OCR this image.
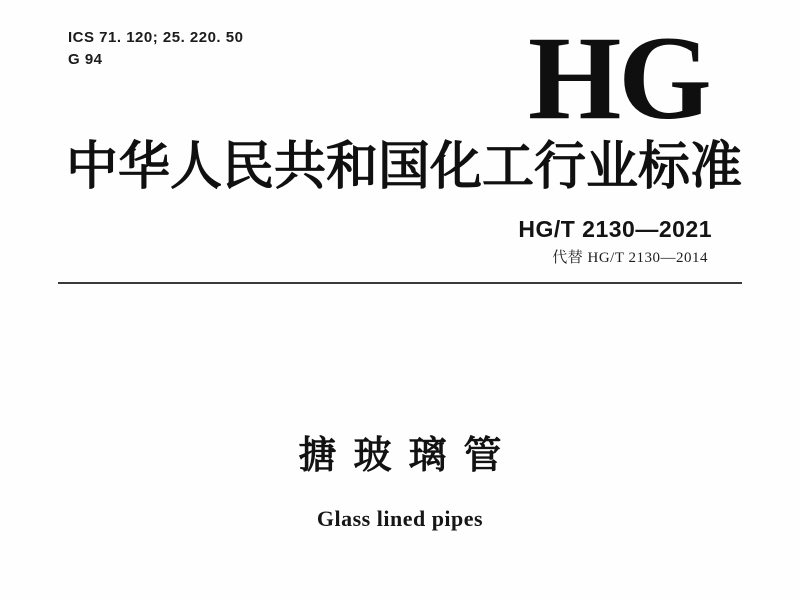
ICS 71. 120; 25. 220. 50
G 94	HG
中华人民共和国化工行业标准
HG/T 2130—2021
代替 HG/T 2130—2014
搪玻璃管
Glass lined pipes
